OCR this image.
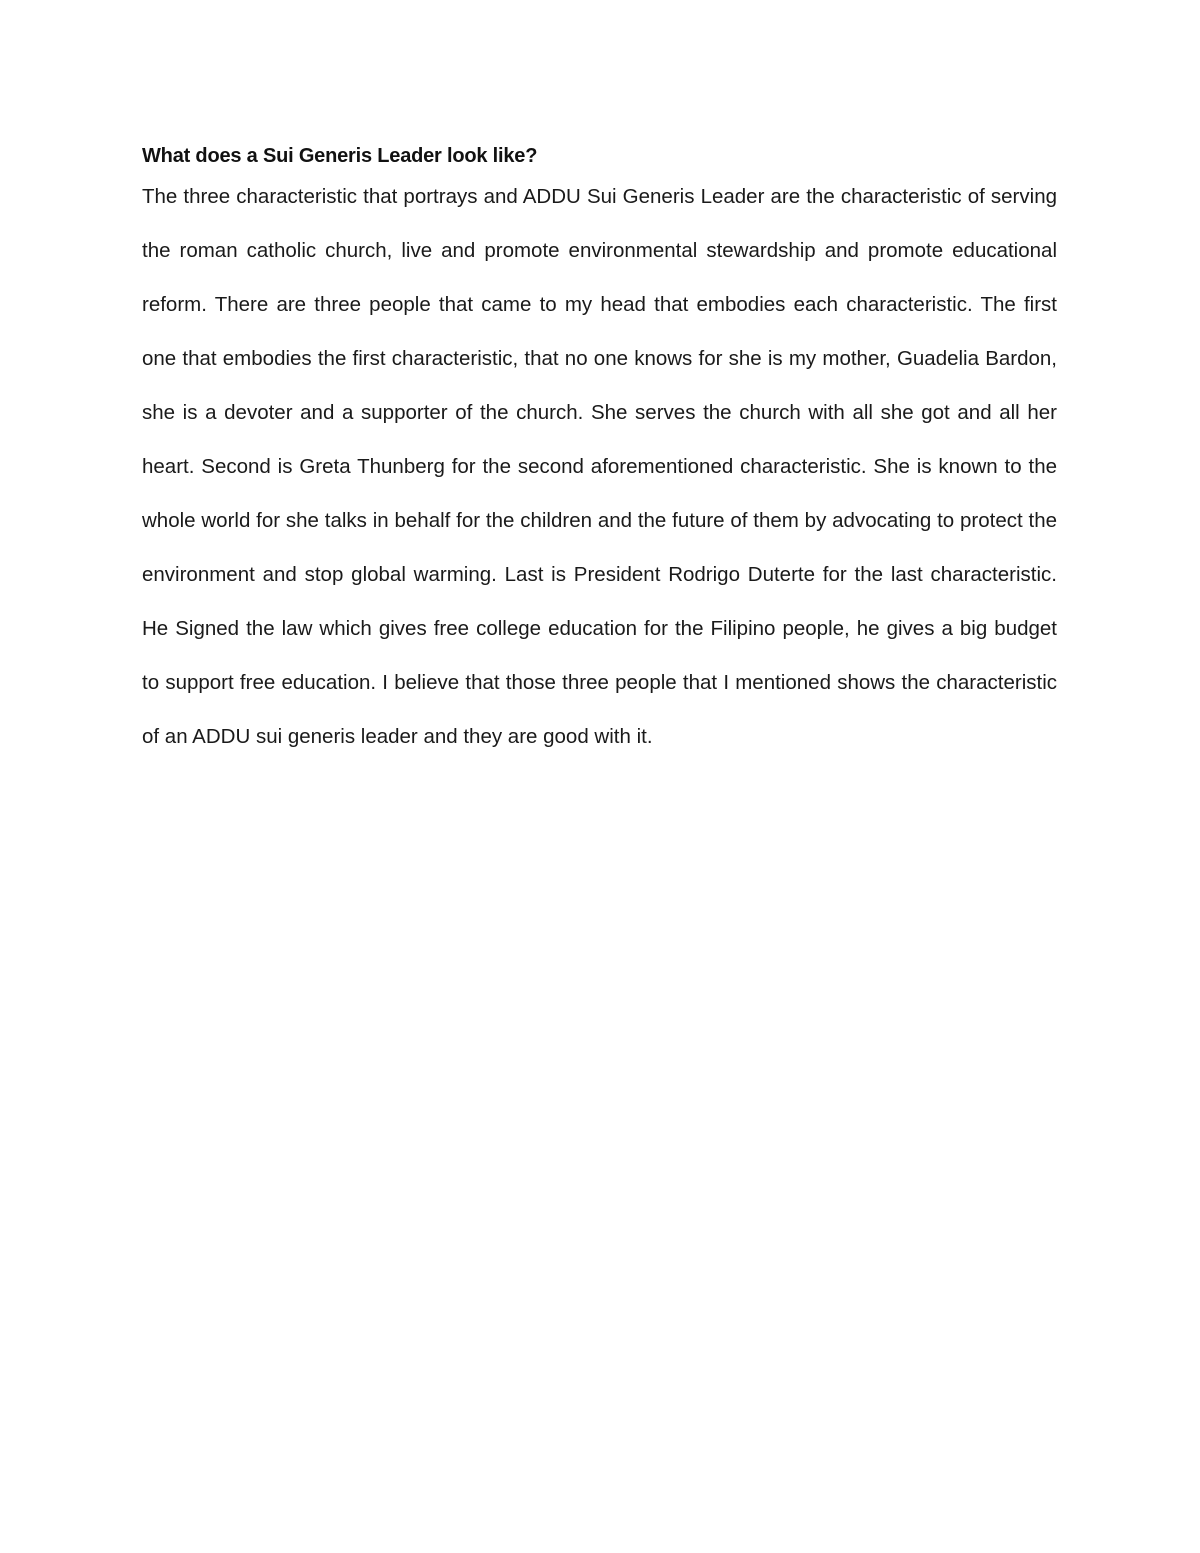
What does a Sui Generis Leader look like?

The three characteristic that portrays and ADDU Sui Generis Leader are the characteristic of serving the roman catholic church, live and promote environmental stewardship and promote educational reform. There are three people that came to my head that embodies each characteristic. The first one that embodies the first characteristic, that no one knows for she is my mother, Guadelia Bardon, she is a devoter and a supporter of the church. She serves the church with all she got and all her heart. Second is Greta Thunberg for the second aforementioned characteristic. She is known to the whole world for she talks in behalf for the children and the future of them by advocating to protect the environment and stop global warming. Last is President Rodrigo Duterte for the last characteristic. He Signed the law which gives free college education for the Filipino people, he gives a big budget to support free education. I believe that those three people that I mentioned shows the characteristic of an ADDU sui generis leader and they are good with it.
